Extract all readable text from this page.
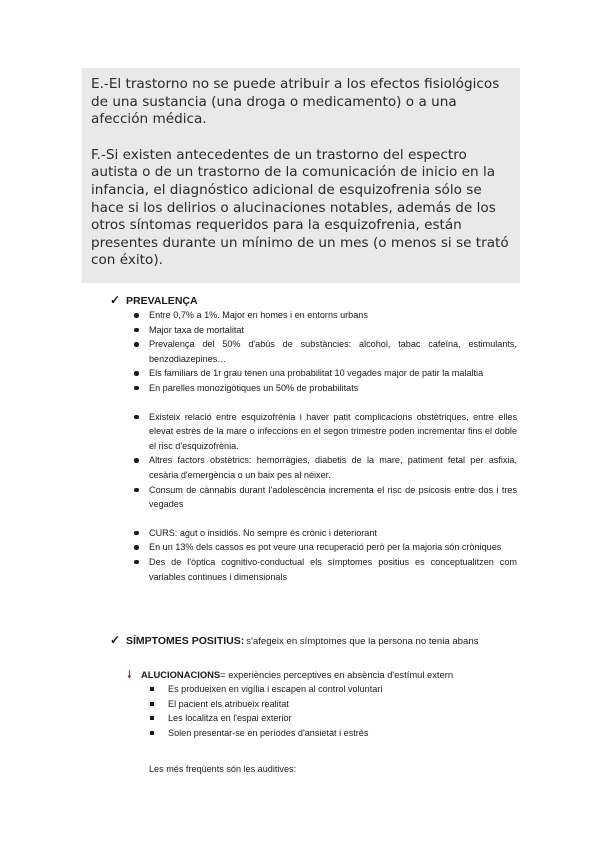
E.-El trastorno no se puede atribuir a los efectos fisiológicos de una sustancia (una droga o medicamento) o a una afección médica.

F.-Si existen antecedentes de un trastorno del espectro autista o de un trastorno de la comunicación de inicio en la infancia, el diagnóstico adicional de esquizofrenia sólo se hace si los delirios o alucinaciones notables, además de los otros síntomas requeridos para la esquizofrenia, están presentes durante un mínimo de un mes (o menos si se trató con éxito).

✓ PREVALENÇA
Entre 0,7% a 1%. Major en homes i en entorns urbans
Major taxa de mortalitat
Prevalença del 50% d'abús de substàncies: alcohol, tabac cafeïna, estimulants, benzodiazepines…
Els familiars de 1r grau tenen una probabilitat 10 vegades major de patir la malaltia
En parelles monozigòtiques un 50% de probabilitats
Existeix relació entre esquizofrènia i haver patit complicacions obstètriques, entre elles elevat estrès de la mare o infeccions en el segon trimestre poden incrementar fins el doble el risc d'esquizofrènia.
Altres factors obstètrics: hemorràgies, diabetis de la mare, patiment fetal per asfixia, cesària d'emergència o un baix pes al néixer.
Consum de cànnabis durant l'adolescència incrementa el risc de psicosis entre dos i tres vegades
CURS: agut o insidiós. No sempre és crònic i deteriorant
En un 13% dels cassos es pot veure una recuperació però per la majoria són cròniques
Des de l'òptica cognitivo-conductual els símptomes positius es conceptualitzen com variables continues i dimensionals
✓ SÍMPTOMES POSITIUS: s'afegeix en símptomes que la persona no tenia abans
🠗 ALUCIONACIONS = experiències perceptives en absència d'estímul extern
Es produeixen en vigília i escapen al control voluntari
El pacient els atribueix realitat
Les localitza en l'espai exterior
Solen presentar-se en períodes d'ansietat i estrès
Les més freqüents són les auditives:
